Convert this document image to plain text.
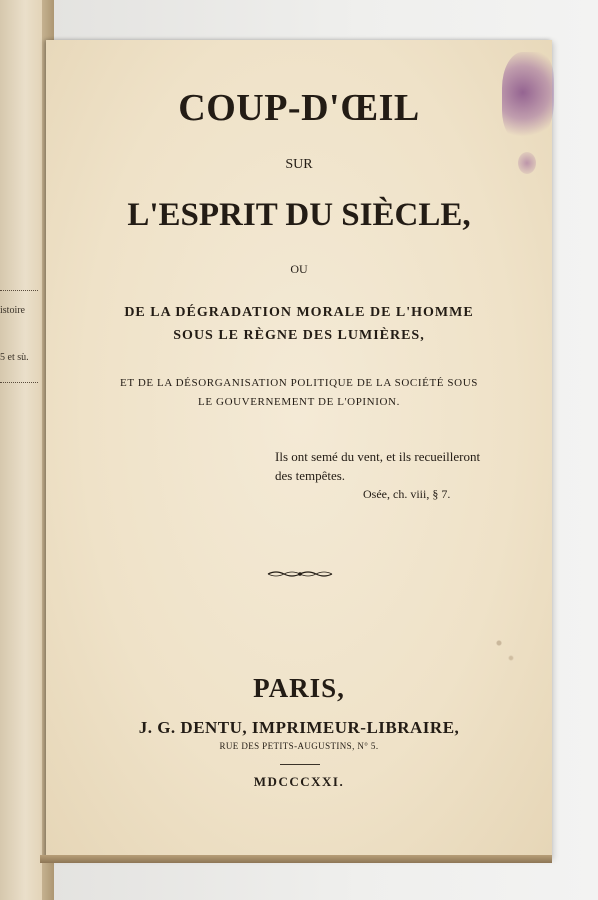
istoire
5 et sù.
COUP-D'ŒIL
SUR
L'ESPRIT DU SIÈCLE,
OU
DE LA DÉGRADATION MORALE DE L'HOMME
SOUS LE RÈGNE DES LUMIÈRES,
ET DE LA DÉSORGANISATION POLITIQUE DE LA SOCIÉTÉ SOUS
LE GOUVERNEMENT DE L'OPINION.
Ils ont semé du vent, et ils recueilleront
des tempêtes.
Osée, ch. viii, § 7.
PARIS,
J. G. DENTU, IMPRIMEUR-LIBRAIRE,
RUE DES PETITS-AUGUSTINS, N° 5.
MDCCCXXI.
